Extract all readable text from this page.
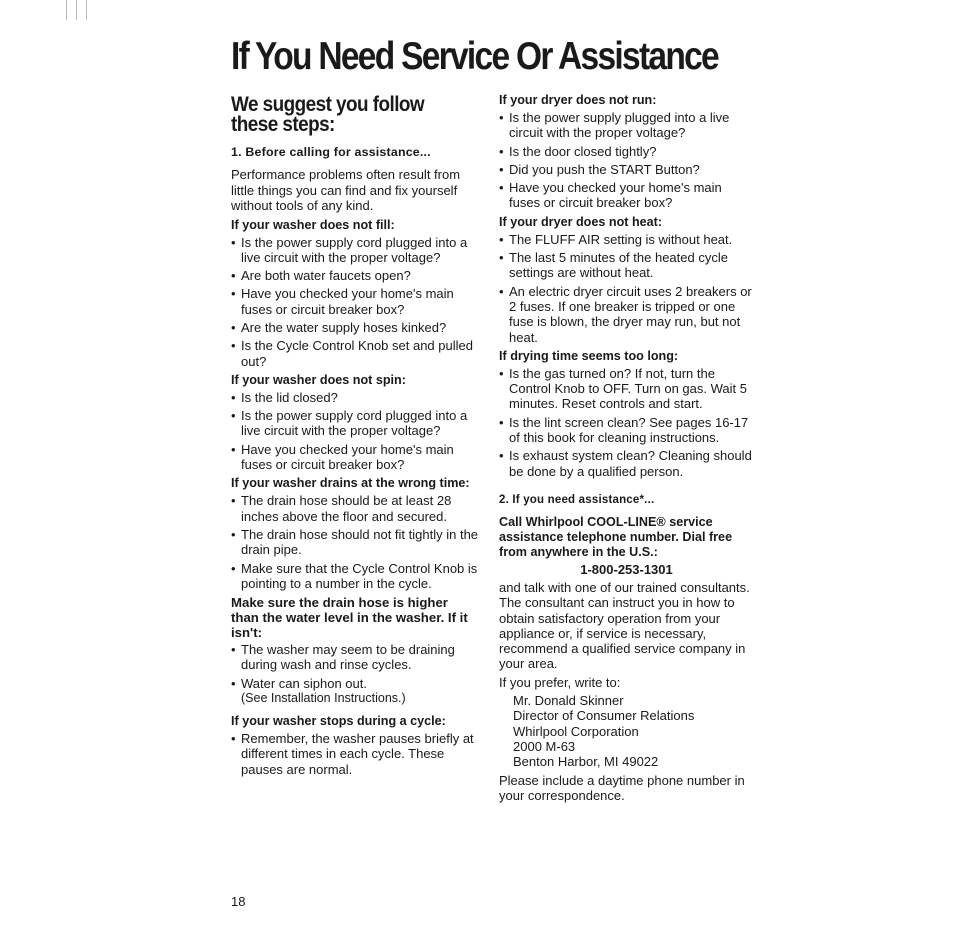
If You Need Service Or Assistance
We suggest you follow
these steps:
1. Before calling for assistance...
Performance problems often result from little things you can find and fix yourself without tools of any kind.
If your washer does not fill:
• Is the power supply cord plugged into a live circuit with the proper voltage?
• Are both water faucets open?
• Have you checked your home's main fuses or circuit breaker box?
• Are the water supply hoses kinked?
• Is the Cycle Control Knob set and pulled out?
If your washer does not spin:
• Is the lid closed?
• Is the power supply cord plugged into a live circuit with the proper voltage?
• Have you checked your home's main fuses or circuit breaker box?
If your washer drains at the wrong time:
• The drain hose should be at least 28 inches above the floor and secured.
• The drain hose should not fit tightly in the drain pipe.
• Make sure that the Cycle Control Knob is pointing to a number in the cycle.
Make sure the drain hose is higher than the water level in the washer. If it isn't:
• The washer may seem to be draining during wash and rinse cycles.
• Water can siphon out.
(See Installation Instructions.)
If your washer stops during a cycle:
• Remember, the washer pauses briefly at different times in each cycle. These pauses are normal.
If your dryer does not run:
• Is the power supply plugged into a live circuit with the proper voltage?
• Is the door closed tightly?
• Did you push the START Button?
• Have you checked your home's main fuses or circuit breaker box?
If your dryer does not heat:
• The FLUFF AIR setting is without heat.
• The last 5 minutes of the heated cycle settings are without heat.
• An electric dryer circuit uses 2 breakers or 2 fuses. If one breaker is tripped or one fuse is blown, the dryer may run, but not heat.
If drying time seems too long:
• Is the gas turned on? If not, turn the Control Knob to OFF. Turn on gas. Wait 5 minutes. Reset controls and start.
• Is the lint screen clean? See pages 16-17 of this book for cleaning instructions.
• Is exhaust system clean? Cleaning should be done by a qualified person.
2. If you need assistance*...
Call Whirlpool COOL-LINE® service assistance telephone number. Dial free from anywhere in the U.S.:
1-800-253-1301
and talk with one of our trained consultants. The consultant can instruct you in how to obtain satisfactory operation from your appliance or, if service is necessary, recommend a qualified service company in your area.
If you prefer, write to:
Mr. Donald Skinner
Director of Consumer Relations
Whirlpool Corporation
2000 M-63
Benton Harbor, MI 49022
Please include a daytime phone number in your correspondence.
18
